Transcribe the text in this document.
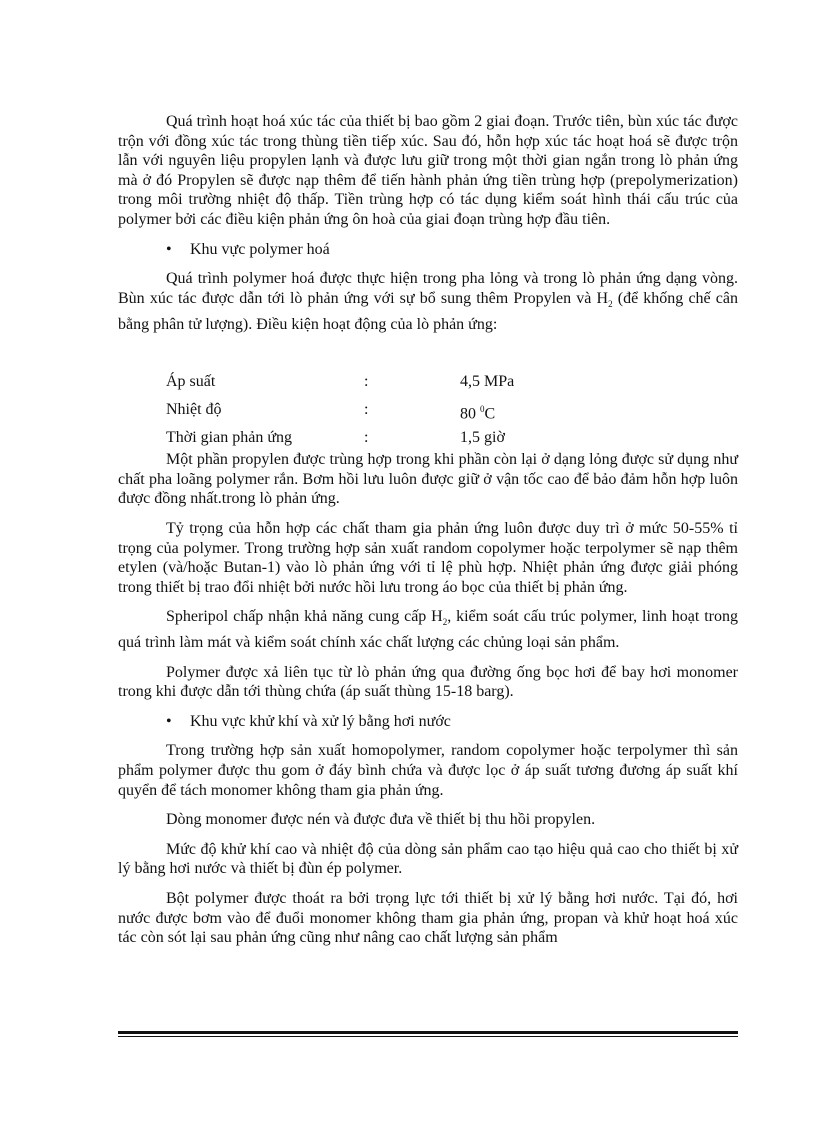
Quá trình hoạt hoá xúc tác của thiết bị bao gồm 2 giai đoạn. Trước tiên, bùn xúc tác được trộn với đồng xúc tác trong thùng tiền tiếp xúc. Sau đó, hỗn hợp xúc tác hoạt hoá sẽ được trộn lẫn với nguyên liệu propylen lạnh và được lưu giữ trong một thời gian ngắn trong lò phản ứng mà ở đó Propylen sẽ được nạp thêm để tiến hành phản ứng tiền trùng hợp (prepolymerization) trong môi trường nhiệt độ thấp. Tiền trùng hợp có tác dụng kiểm soát hình thái cấu trúc của polymer bởi các điều kiện phản ứng ôn hoà của giai đoạn trùng hợp đầu tiên.

• Khu vực polymer hoá

Quá trình polymer hoá được thực hiện trong pha lỏng và trong lò phản ứng dạng vòng. Bùn xúc tác được dẫn tới lò phản ứng với sự bổ sung thêm Propylen và $H_2$ (để khống chế cân bằng phân tử lượng). Điều kiện hoạt động của lò phản ứng:

Áp suất	:	4,5 MPa
Nhiệt độ	:	80 $^0$C
Thời gian phản ứng	:	1,5 giờ

Một phần propylen được trùng hợp trong khi phần còn lại ở dạng lỏng được sử dụng như chất pha loãng polymer rắn. Bơm hồi lưu luôn được giữ ở vận tốc cao để bảo đảm hỗn hợp luôn được đồng nhất.trong lò phản ứng.

Tỷ trọng của hỗn hợp các chất tham gia phản ứng luôn được duy trì ở mức 50-55% tỉ trọng của polymer. Trong trường hợp sản xuất random copolymer hoặc terpolymer sẽ nạp thêm etylen (và/hoặc Butan-1) vào lò phản ứng với tỉ lệ phù hợp. Nhiệt phản ứng được giải phóng trong thiết bị trao đổi nhiệt bởi nước hồi lưu trong áo bọc của thiết bị phản ứng.

Spheripol chấp nhận khả năng cung cấp $H_2$, kiểm soát cấu trúc polymer, linh hoạt trong quá trình làm mát và kiểm soát chính xác chất lượng các chủng loại sản phẩm.

Polymer được xả liên tục từ lò phản ứng qua đường ống bọc hơi để bay hơi monomer trong khi được dẫn tới thùng chứa (áp suất thùng 15-18 barg).

• Khu vực khử khí và xử lý bằng hơi nước

Trong trường hợp sản xuất homopolymer, random copolymer hoặc terpolymer thì sản phẩm polymer được thu gom ở đáy bình chứa và được lọc ở áp suất tương đương áp suất khí quyển để tách monomer không tham gia phản ứng.

Dòng monomer được nén và được đưa về thiết bị thu hồi propylen.

Mức độ khử khí cao và nhiệt độ của dòng sản phẩm cao tạo hiệu quả cao cho thiết bị xử lý bằng hơi nước và thiết bị đùn ép polymer.

Bột polymer được thoát ra bởi trọng lực tới thiết bị xử lý bằng hơi nước. Tại đó, hơi nước được bơm vào để đuổi monomer không tham gia phản ứng, propan và khử hoạt hoá xúc tác còn sót lại sau phản ứng cũng như nâng cao chất lượng sản phẩm
